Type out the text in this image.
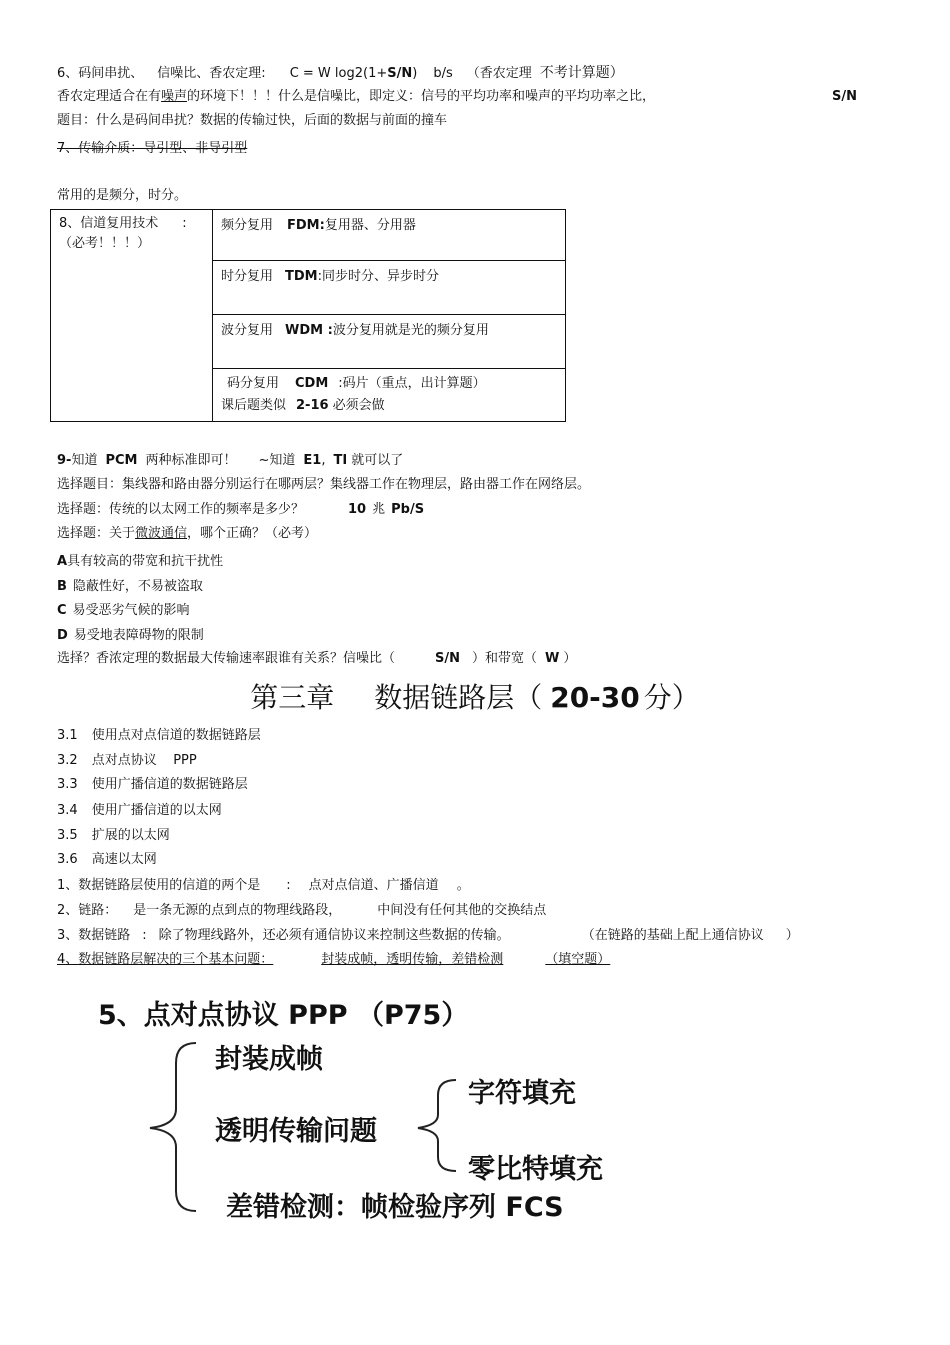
6、码间串扰、 信噪比、香农定理: C = W log2(1+S/N) b/s （香农定理 不考计算题）
香农定理适合在有噪声的环境下！！！什么是信噪比，即定义：信号的平均功率和噪声的平均功率之比，	S/N
题目：什么是码间串扰？数据的传输过快，后面的数据与前面的撞车
7、传输介质：导引型、非导引型
常用的是频分，时分。
8、信道复用技术 :
（必考！！！）	频分复用 FDM:复用器、分用器
时分复用 TDM:同步时分、异步时分
波分复用 WDM :波分复用就是光的频分复用
码分复用 CDM :码片（重点，出计算题）
课后题类似 2-16 必须会做
9-知道 PCM 两种标准即可！ ~知道 E1, TI 就可以了
选择题目：集线器和路由器分别运行在哪两层？集线器工作在物理层，路由器工作在网络层。
选择题：传统的以太网工作的频率是多少？	10 兆 Pb/S
选择题：关于微波通信，哪个正确？（必考）
A具有较高的带宽和抗干扰性
B 隐蔽性好，不易被盗取
C 易受恶劣气候的影响
D 易受地表障碍物的限制
选择？香浓定理的数据最大传输速率跟谁有关系？信噪比（	S/N ）和带宽（ W ）
第三章 数据链路层（ 20-30 分）
3.1 使用点对点信道的数据链路层
3.2 点对点协议    PPP
3.3 使用广播信道的数据链路层
3.4 使用广播信道的以太网
3.5 扩展的以太网
3.6 高速以太网
1、数据链路层使用的信道的两个是 : 点对点信道、广播信道 。
2、链路： 是一条无源的点到点的物理线路段，	中间没有任何其他的交换结点
3、数据链路 : 除了物理线路外，还必须有通信协议来控制这些数据的传输。	（在链路的基础上配上通信协议 ）
4、数据链路层解决的三个基本问题：	封装成帧，透明传输，差错检测	（填空题）
5、点对点协议 PPP （P75）
封装成帧
透明传输问题
字符填充
零比特填充
差错检测：帧检验序列 FCS
